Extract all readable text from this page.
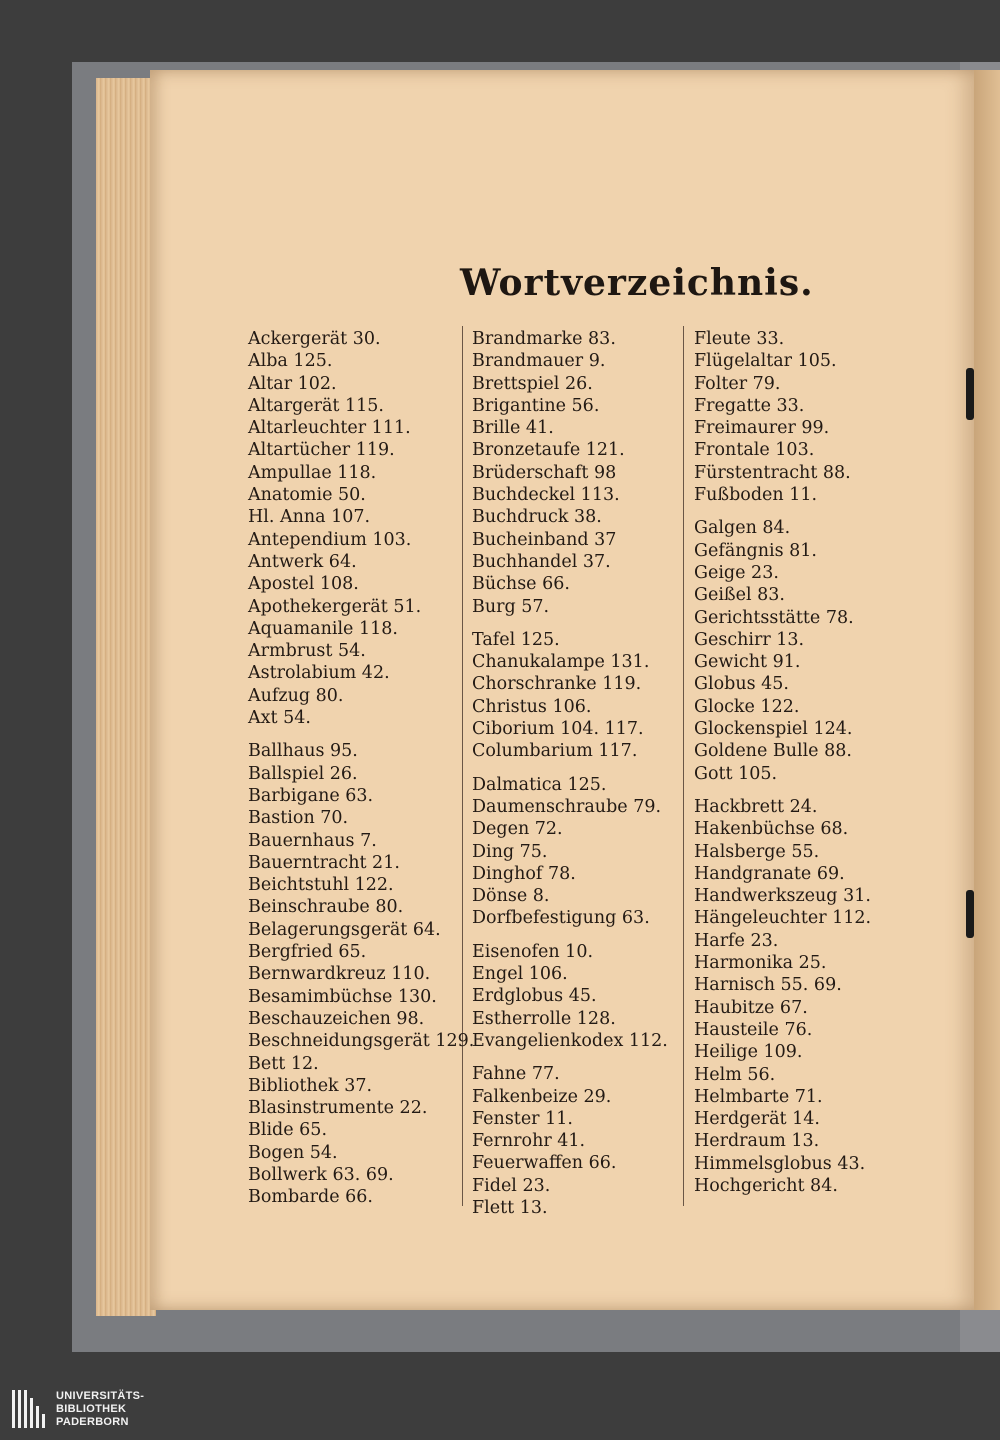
Wortverzeichnis.
Ackergerät 30.
Alba 125.
Altar 102.
Altargerät 115.
Altarleuchter 111.
Altartücher 119.
Ampullae 118.
Anatomie 50.
Hl. Anna 107.
Antependium 103.
Antwerk 64.
Apostel 108.
Apothekergerät 51.
Aquamanile 118.
Armbrust 54.
Astrolabium 42.
Aufzug 80.
Axt 54.
Ballhaus 95.
Ballspiel 26.
Barbigane 63.
Bastion 70.
Bauernhaus 7.
Bauerntracht 21.
Beichtstuhl 122.
Beinschraube 80.
Belagerungsgerät 64.
Bergfried 65.
Bernwardkreuz 110.
Besamimbüchse 130.
Beschauzeichen 98.
Beschneidungsgerät 129.
Bett 12.
Bibliothek 37.
Blasinstrumente 22.
Blide 65.
Bogen 54.
Bollwerk 63. 69.
Bombarde 66.
Brandmarke 83.
Brandmauer 9.
Brettspiel 26.
Brigantine 56.
Brille 41.
Bronzetaufe 121.
Brüderschaft 98
Buchdeckel 113.
Buchdruck 38.
Bucheinband 37
Buchhandel 37.
Büchse 66.
Burg 57.
Tafel 125.
Chanukalampe 131.
Chorschranke 119.
Christus 106.
Ciborium 104. 117.
Columbarium 117.
Dalmatica 125.
Daumenschraube 79.
Degen 72.
Ding 75.
Dinghof 78.
Dönse 8.
Dorfbefestigung 63.
Eisenofen 10.
Engel 106.
Erdglobus 45.
Estherrolle 128.
Evangelienkodex 112.
Fahne 77.
Falkenbeize 29.
Fenster 11.
Fernrohr 41.
Feuerwaffen 66.
Fidel 23.
Flett 13.
Fleute 33.
Flügelaltar 105.
Folter 79.
Fregatte 33.
Freimaurer 99.
Frontale 103.
Fürstentracht 88.
Fußboden 11.
Galgen 84.
Gefängnis 81.
Geige 23.
Geißel 83.
Gerichtsstätte 78.
Geschirr 13.
Gewicht 91.
Globus 45.
Glocke 122.
Glockenspiel 124.
Goldene Bulle 88.
Gott 105.
Hackbrett 24.
Hakenbüchse 68.
Halsberge 55.
Handgranate 69.
Handwerkszeug 31.
Hängeleuchter 112.
Harfe 23.
Harmonika 25.
Harnisch 55. 69.
Haubitze 67.
Hausteile 76.
Heilige 109.
Helm 56.
Helmbarte 71.
Herdgerät 14.
Herdraum 13.
Himmelsglobus 43.
Hochgericht 84.
UNIVERSITÄTS-
BIBLIOTHEK
PADERBORN
